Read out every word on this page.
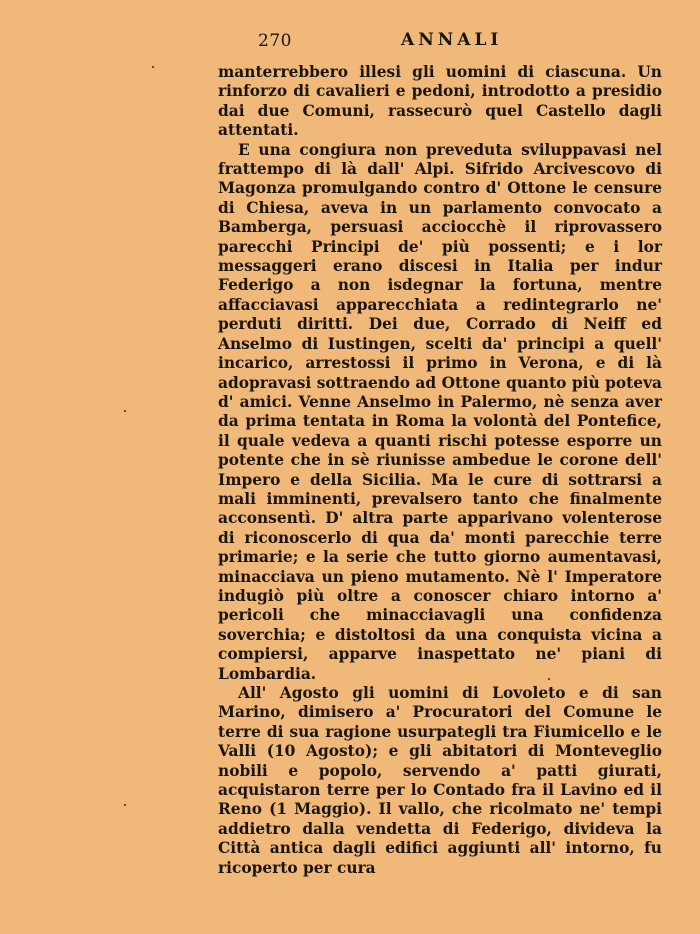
270	ANNALI

manterrebbero illesi gli uomini di ciascuna. Un rinforzo di cavalieri e pedoni, introdotto a presidio dai due Comuni, rassecurò quel Castello dagli attentati.

E una congiura non preveduta sviluppavasi nel frattempo di là dall' Alpi. Sifrido Arcivescovo di Magonza promulgando contro d' Ottone le censure di Chiesa, aveva in un parlamento convocato a Bamberga, persuasi acciocchè il riprovassero parecchi Principi de' più possenti; e i lor messaggeri erano discesi in Italia per indur Federigo a non isdegnar la fortuna, mentre affacciavasi apparecchiata a redintegrarlo ne' perduti diritti. Dei due, Corrado di Neiff ed Anselmo di Iustingen, scelti da' principi a quell' incarico, arrestossi il primo in Verona, e di là adopravasi sottraendo ad Ottone quanto più poteva d' amici. Venne Anselmo in Palermo, nè senza aver da prima tentata in Roma la volontà del Pontefice, il quale vedeva a quanti rischi potesse esporre un potente che in sè riunisse ambedue le corone dell' Impero e della Sicilia. Ma le cure di sottrarsi a mali imminenti, prevalsero tanto che finalmente acconsentì. D' altra parte apparivano volenterose di riconoscerlo di qua da' monti parecchie terre primarie; e la serie che tutto giorno aumentavasi, minacciava un pieno mutamento. Nè l' Imperatore indugiò più oltre a conoscer chiaro intorno a' pericoli che minacciavagli una confidenza soverchia; e distoltosi da una conquista vicina a compiersi, apparve inaspettato ne' piani di Lombardia.

All' Agosto gli uomini di Lovoleto e di san Marino, dimisero a' Procuratori del Comune le terre di sua ragione usurpategli tra Fiumicello e le Valli (10 Agosto); e gli abitatori di Monteveglio nobili e popolo, servendo a' patti giurati, acquistaron terre per lo Contado fra il Lavino ed il Reno (1 Maggio). Il vallo, che ricolmato ne' tempi addietro dalla vendetta di Federigo, divideva la Città antica dagli edifici aggiunti all' intorno, fu ricoperto per cura
